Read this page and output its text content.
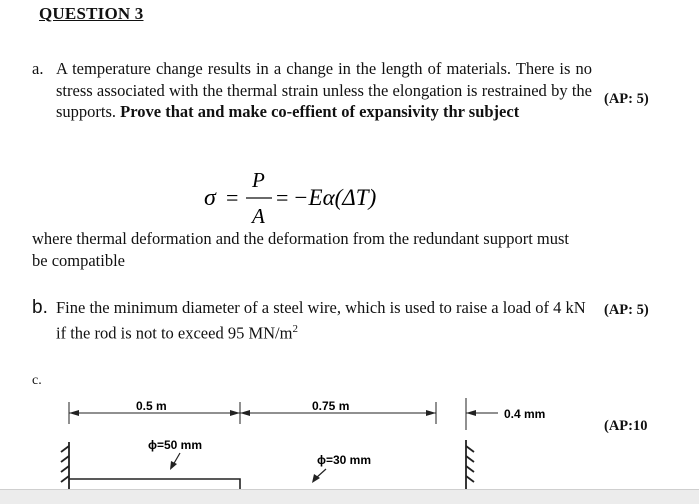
QUESTION 3
a. A temperature change results in a change in the length of materials. There is no stress associated with the thermal strain unless the elongation is restrained by the supports. Prove that and make co-effient of expansivity thr subject
(AP: 5)
σ =
P
A
= −Eα(ΔT)
where thermal deformation and the deformation from the redundant support must be compatible
b. Fine the minimum diameter of a steel wire, which is used to raise a load of 4 kN if the rod is not to exceed 95 $MN/m^2$
(AP: 5)
c.
(AP:10
0.5 m	0.75 m
0.4 mm
ϕ=50 mm
ϕ=30 mm
